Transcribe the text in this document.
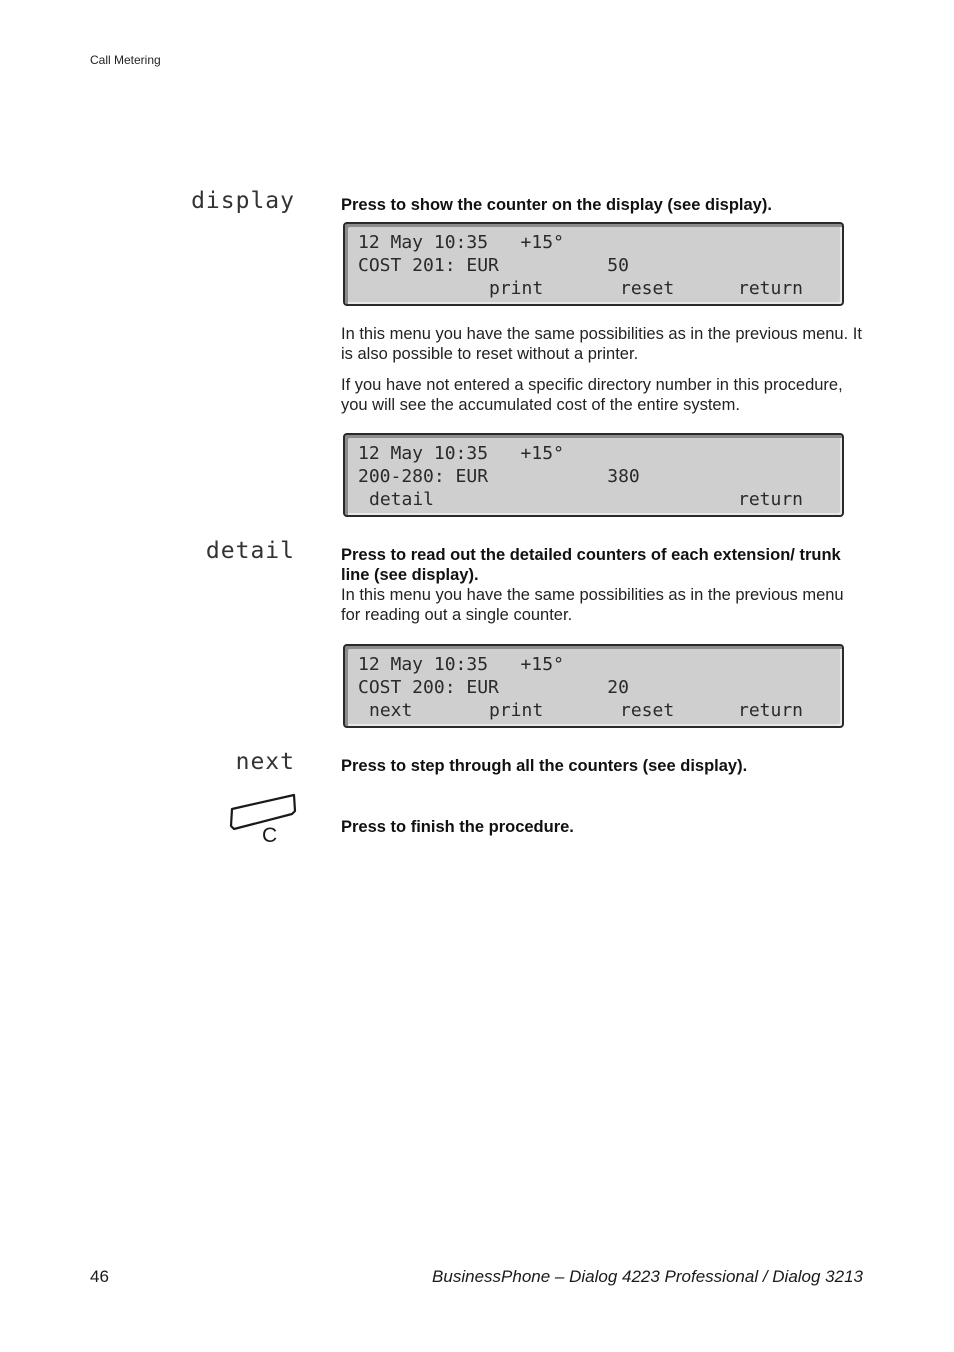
Call Metering
display	Press to show the counter on the display (see display).
12 May 10:35   +15°
COST 201: EUR          50
print	reset	return

In this menu you have the same possibilities as in the previous menu. It is also possible to reset without a printer.

If you have not entered a specific directory number in this procedure, you will see the accumulated cost of the entire system.

12 May 10:35   +15°
200-280: EUR           380
detail	return
detail	Press to read out the detailed counters of each extension/ trunk line (see display).
In this menu you have the same possibilities as in the previous menu for reading out a single counter.
12 May 10:35   +15°
COST 200: EUR          20
next	print	reset	return
next	Press to step through all the counters (see display).
C	Press to finish the procedure.
46	BusinessPhone – Dialog 4223 Professional / Dialog 3213
